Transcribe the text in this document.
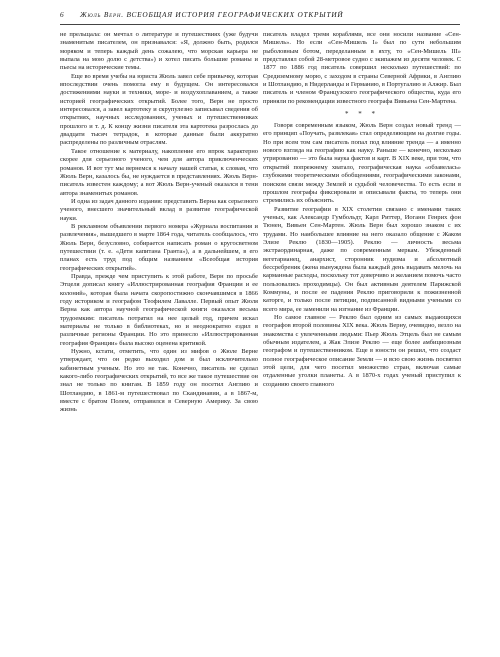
6 Жюль Верн. ВСЕОБЩАЯ ИСТОРИЯ ГЕОГРАФИЧЕСКИХ ОТКРЫТИЙ

не прельщала: он мечтал о литературе и путешествиях (уже будучи знаменитым писателем, он признавался: «Я, должно быть, родился моряком и теперь каждый день сожалею, что морская карьера не выпала на мою долю с детства») и хотел писать большие романы и пьесы на исторические темы.

Еще во время учебы на юриста Жюль завел себе привычку, которая впоследствии очень помогла ему в будущем. Он интересовался достижениями науки и техники, море- и воздухоплаванием, а также историей географических открытий. Более того, Верн не просто интересовался, а завел картотеку и скрупулезно записывал сведения об открытиях, научных исследованиях, ученых и путешественниках прошлого и т. д. К концу жизни писателя эта картотека разрослась до двадцати тысяч тетрадок, в которые данные были аккуратно распределены по различным отраслям.

Такое отношение к материалу, накопление его впрок характерно скорее для серьезного ученого, чем для автора приключенческих романов. И вот тут мы вернемся к началу нашей статьи, к словам, что Жюль Верн, казалось бы, не нуждается в представлениях. Жюль Верн-писатель известен каждому; а вот Жюль Верн-ученый оказался в тени автора знаменитых романов.

И одна из задач данного издания: представить Верна как серьезного ученого, внесшего значительный вклад в развитие географической науки.

В рекламном объявлении первого номера «Журнала воспитания и развлечения», вышедшего в марте 1864 года, читатель сообщалось, что Жюль Верн, безусловно, собирается написать роман о кругосветном путешествии (т. е. «Дети капитана Гранта»), а в дальнейшем, в его планах есть труд под общим названием «Всеобщая история географических открытий».

Правда, прежде чем приступить к этой работе, Верн по просьбе Этцеля дописал книгу «Иллюстрированная география Франции и ее колоний», которая была начата скоропостижно скончавшимся в 1866 году историком и географом Теофилем Лавалле. Первый опыт Жюля Верна как автора научной географической книги оказался весьма трудоемким: писатель потратил на нее целый год, причем искал материалы не только в библиотеках, но и неоднократно ездил в различные регионы Франции. Но это принесло «Иллюстрированная география Франции» была высоко оценена критикой.

Нужно, кстати, отметить, что один из мифов о Жюле Верне утверждает, что он редко выходил дом и был исключительно кабинетным ученым. Но это не так. Конечно, писатель не сделал какого-либо географических открытий, то все же такое путешествие он знал не только по книгам. В 1859 году он посетил Англию и Шотландию, в 1861-м путешествовал по Скандинавии, а в 1867-м, вместе с братом Полем, отправился в Северную Америку. За свою жизнь

писатель владел тремя кораблями, все они носили название «Сен-Мишель». Но если «Сен-Мишель I» был по сути небольшим рыболовным ботом, переделанным в яхту, то «Сен-Мишель III» представлял собой 28-метровое судно с экипажем из десяти человек. С 1877 по 1886 год писатель совершил несколько путешествий: по Средиземному морю, с заходом в страны Северной Африки, в Англию и Шотландию, в Нидерланды и Германию, в Португалию и Алжир. Был писатель и членом Французского географического общества, куда его приняли по рекомендации известного географа Вивьена Сен-Мартена.

* * *

Говоря современным языком, Жюль Верн создал новый тренд — его принцип «Поучать, развлекая» стал определяющим на долгие годы. Но при всем том сам писатель попал под влияние тренда — а именно нового взгляда на географию как науку. Раньше — конечно, несколько утрированно — это была наука фактов и карт. В XIX веке, при том, что открытий попрежнему хватало, географическая наука «обзавелась» глубокими теоретическими обобщениями, географическими законами, поиском связи между Землей и судьбой человечества. То есть если в прошлом географы фиксировали и описывали факты, то теперь они стремились их объяснить.

Развитие географии в XIX столетии связано с именами таких ученых, как Александр Гумбольдт, Карл Риттер, Иоганн Генрих фон Тюнен, Вивьен Сен-Мартен. Жюль Верн был хорошо знаком с их трудами. Но наибольшее влияние на него оказало общение с Жаком Элизе Реклю (1830—1905). Реклю — личность весьма экстраординарная, даже по современным меркам. Убежденный вегетарианец, анархист, сторонник нудизма и абсолютный бессребреник (жена вынуждена была каждый день выдавать мелочь на карманные расходы, поскольку тот доверчиво и желанием помочь часто пользовались проходимцы). Он был активным деятелем Парижской Коммуны, и после ее падения Реклю приговорили к пожизненной каторге, и только после петиции, подписанной видными учеными со всего мира, ее заменили на изгнание из Франции.

Но самое главное — Реклю был одним из самых выдающихся географов второй половины XIX века. Жюль Верну, очевидно, везло на знакомства с увлеченными людьми: Пьер Жюль Этцель был не самым обычным издателем, а Жак Элизе Реклю — еще более амбициозным географом и путешественником. Еще в юности он решил, что создаст полное географическое описание Земли — и всю свою жизнь посвятил этой цели, для чего посетил множество стран, включая самые отдаленные уголки планеты. А в 1870-х годах ученый приступил к созданию своего главного
